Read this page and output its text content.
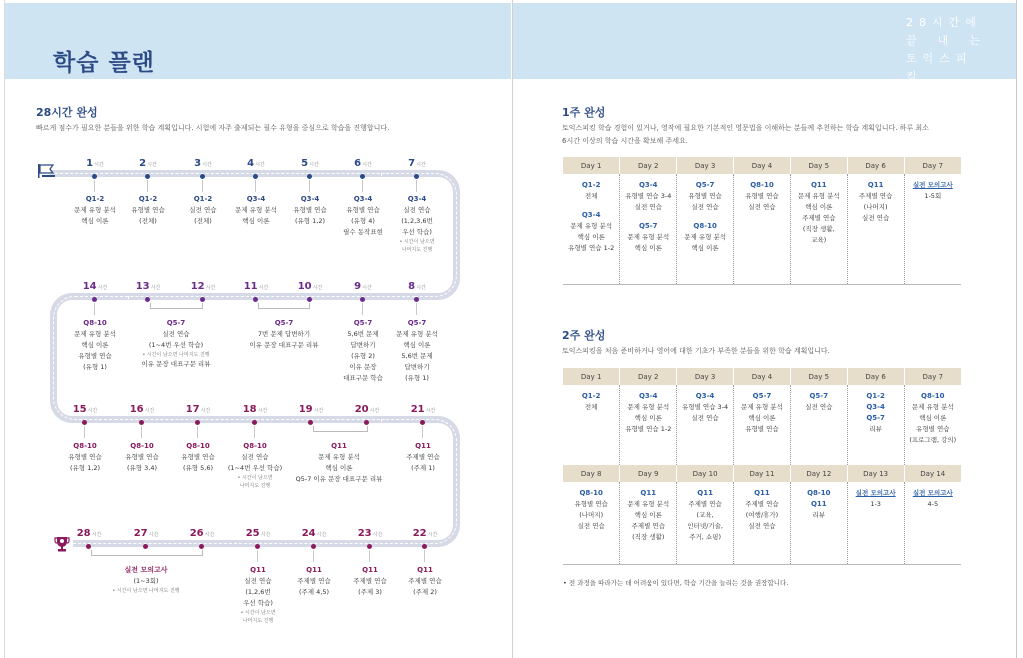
학습 플랜
28시간 완성
빠르게 점수가 필요한 분들을 위한 학습 계획입니다. 시험에 자주 출제되는 필수 유형을 중심으로 학습을 진행합니다.
1시간	2시간	3시간	4시간	5시간	6시간	7시간
Q1-2
문제 유형 분석
핵심 이론
Q1-2
유형별 연습
(전체)
Q1-2
실전 연습
(전체)
Q3-4
문제 유형 분석
핵심 이론
Q3-4
유형별 연습
(유형 1,2)
Q3-4
유형별 연습
(유형 4)
필수 동작표현
Q3-4
실전 연습
(1,2,3,6번
우선 학습)
• 시간이 남으면
나머지도 진행
14시간	13시간	12시간	11시간	10시간	9시간	8시간
Q8-10
문제 유형 분석
핵심 이론
유형별 연습
(유형 1)
Q5-7
실전 연습
(1~4번 우선 학습)
• 시간이 남으면 나머지도 진행
이유 문장 대표구문 리뷰
Q5-7
7번 문제 답변하기
이유 문장 대표구문 리뷰
Q5-7
5,6번 문제
답변하기
(유형 2)
이유 문장
대표구문 학습
Q5-7
문제 유형 분석
핵심 이론
5,6번 문제
답변하기
(유형 1)
15시간	16시간	17시간	18시간	19시간	20시간	21시간
Q8-10
유형별 연습
(유형 1,2)
Q8-10
유형별 연습
(유형 3,4)
Q8-10
유형별 연습
(유형 5,6)
Q8-10
실전 연습
(1~4번 우선 학습)
• 시간이 남으면
나머지도 진행
Q11
문제 유형 분석
핵심 이론
Q5-7 이유 문장 대표구문 리뷰
Q11
주제별 연습
(주제 1)
28시간	27시간	26시간	25시간	24시간	23시간	22시간
실전 모의고사
(1~3회)
• 시간이 남으면 나머지도 진행
Q11
실전 연습
(1,2,6번
우선 학습)
• 시간이 남으면
나머지도 진행
Q11
주제별 연습
(주제 4,5)
Q11
주제별 연습
(주제 3)
Q11
주제별 연습
(주제 2)
28시간에
끝 내 는
토익스피킹
1주 완성
토익스피킹 학습 경험이 있거나, 영작에 필요한 기본적인 영문법을 이해하는 분들께 추천하는 학습 계획입니다. 하루 최소
6시간 이상의 학습 시간을 확보해 주세요.
Day 1	Day 2	Day 3	Day 4	Day 5	Day 6	Day 7

Q1-2
전체
Q3-4
문제 유형 분석
핵심 이론
유형별 연습 1-2

Q3-4
유형별 연습 3-4
실전 연습
Q5-7
문제 유형 분석
핵심 이론

Q5-7
유형별 연습
실전 연습
Q8-10
문제 유형 분석
핵심 이론

Q8-10
유형별 연습
실전 연습

Q11
문제 유형 분석
핵심 이론
주제별 연습
(직장 생활,
교육)

Q11
주제별 연습
(나머지)
실전 연습

실전 모의고사
1-5회
2주 완성
토익스피킹을 처음 준비하거나 영어에 대한 기초가 부족한 분들을 위한 학습 계획입니다.
Day 1	Day 2	Day 3	Day 4	Day 5	Day 6	Day 7

Q1-2
전체

Q3-4
문제 유형 분석
핵심 이론
유형별 연습 1-2

Q3-4
유형별 연습 3-4
실전 연습

Q5-7
문제 유형 분석
핵심 이론
유형별 연습

Q5-7
실전 연습

Q1-2
Q3-4
Q5-7
리뷰

Q8-10
문제 유형 분석
핵심 이론
유형별 연습
(프로그램, 강의)

Day 8	Day 9	Day 10	Day 11	Day 12	Day 13	Day 14

Q8-10
유형별 연습
(나머지)
실전 연습

Q11
문제 유형 분석
핵심 이론
주제별 연습
(직장 생활)

Q11
주제별 연습
(교육,
인터넷/기술,
주거, 쇼핑)

Q11
주제별 연습
(여행/휴가)
실전 연습

Q8-10
Q11
리뷰

실전 모의고사
1-3

실전 모의고사
4-5
• 전 과정을 따라가는 데 어려움이 있다면, 학습 기간을 늘리는 것을 권장합니다.
